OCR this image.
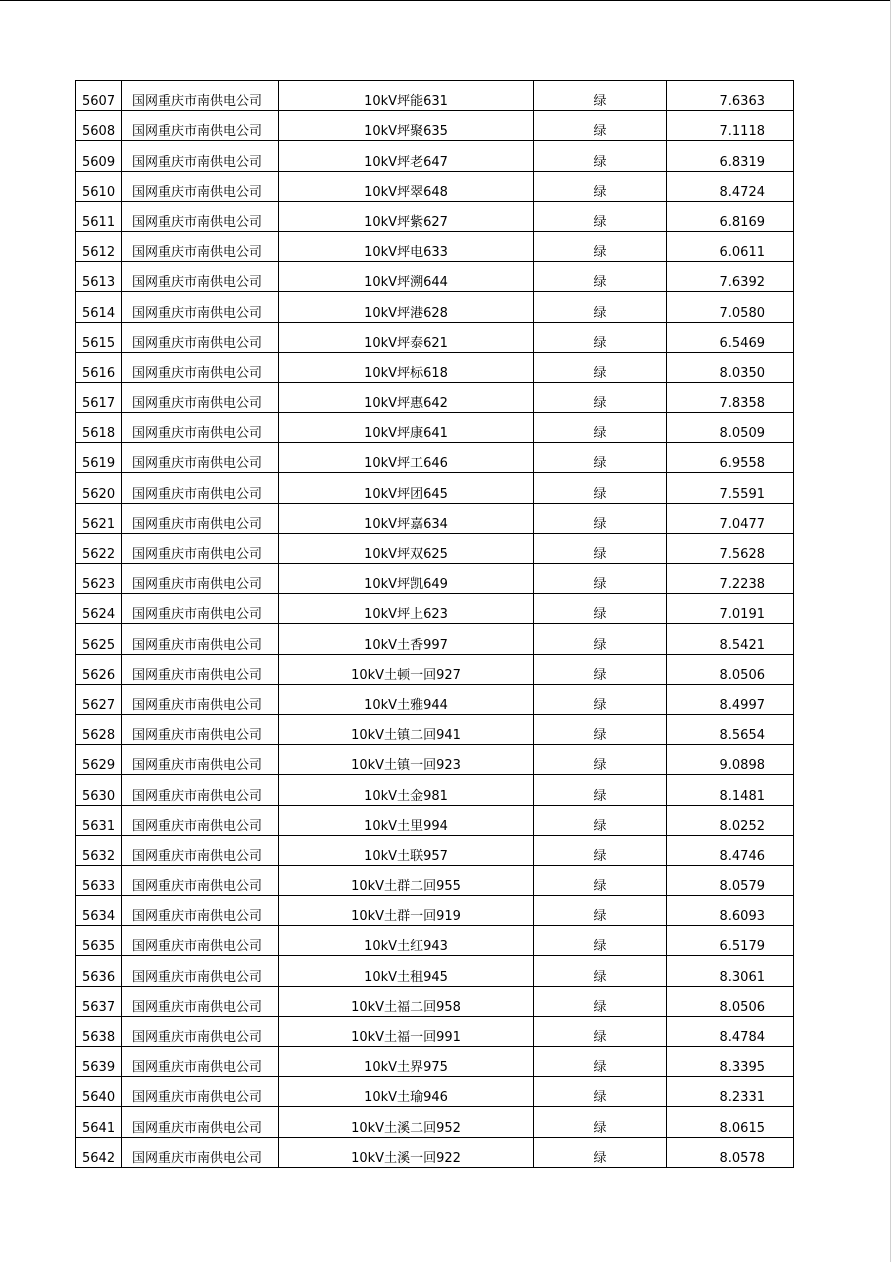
5607	国网重庆市南供电公司	10kV坪能631	绿	7.6363

5608	国网重庆市南供电公司	10kV坪聚635	绿	7.1118

5609	国网重庆市南供电公司	10kV坪老647	绿	6.8319

5610	国网重庆市南供电公司	10kV坪翠648	绿	8.4724

5611	国网重庆市南供电公司	10kV坪紫627	绿	6.8169

5612	国网重庆市南供电公司	10kV坪电633	绿	6.0611

5613	国网重庆市南供电公司	10kV坪溯644	绿	7.6392

5614	国网重庆市南供电公司	10kV坪港628	绿	7.0580

5615	国网重庆市南供电公司	10kV坪泰621	绿	6.5469

5616	国网重庆市南供电公司	10kV坪标618	绿	8.0350

5617	国网重庆市南供电公司	10kV坪惠642	绿	7.8358

5618	国网重庆市南供电公司	10kV坪康641	绿	8.0509

5619	国网重庆市南供电公司	10kV坪工646	绿	6.9558

5620	国网重庆市南供电公司	10kV坪团645	绿	7.5591

5621	国网重庆市南供电公司	10kV坪嘉634	绿	7.0477

5622	国网重庆市南供电公司	10kV坪双625	绿	7.5628

5623	国网重庆市南供电公司	10kV坪凯649	绿	7.2238

5624	国网重庆市南供电公司	10kV坪上623	绿	7.0191

5625	国网重庆市南供电公司	10kV土香997	绿	8.5421

5626	国网重庆市南供电公司	10kV土顿一回927	绿	8.0506

5627	国网重庆市南供电公司	10kV土雅944	绿	8.4997

5628	国网重庆市南供电公司	10kV土镇二回941	绿	8.5654

5629	国网重庆市南供电公司	10kV土镇一回923	绿	9.0898

5630	国网重庆市南供电公司	10kV土金981	绿	8.1481

5631	国网重庆市南供电公司	10kV土里994	绿	8.0252

5632	国网重庆市南供电公司	10kV土联957	绿	8.4746

5633	国网重庆市南供电公司	10kV土群二回955	绿	8.0579

5634	国网重庆市南供电公司	10kV土群一回919	绿	8.6093

5635	国网重庆市南供电公司	10kV土红943	绿	6.5179

5636	国网重庆市南供电公司	10kV土租945	绿	8.3061

5637	国网重庆市南供电公司	10kV土福二回958	绿	8.0506

5638	国网重庆市南供电公司	10kV土福一回991	绿	8.4784

5639	国网重庆市南供电公司	10kV土界975	绿	8.3395

5640	国网重庆市南供电公司	10kV土瑜946	绿	8.2331

5641	国网重庆市南供电公司	10kV土溪二回952	绿	8.0615

5642	国网重庆市南供电公司	10kV土溪一回922	绿	8.0578
